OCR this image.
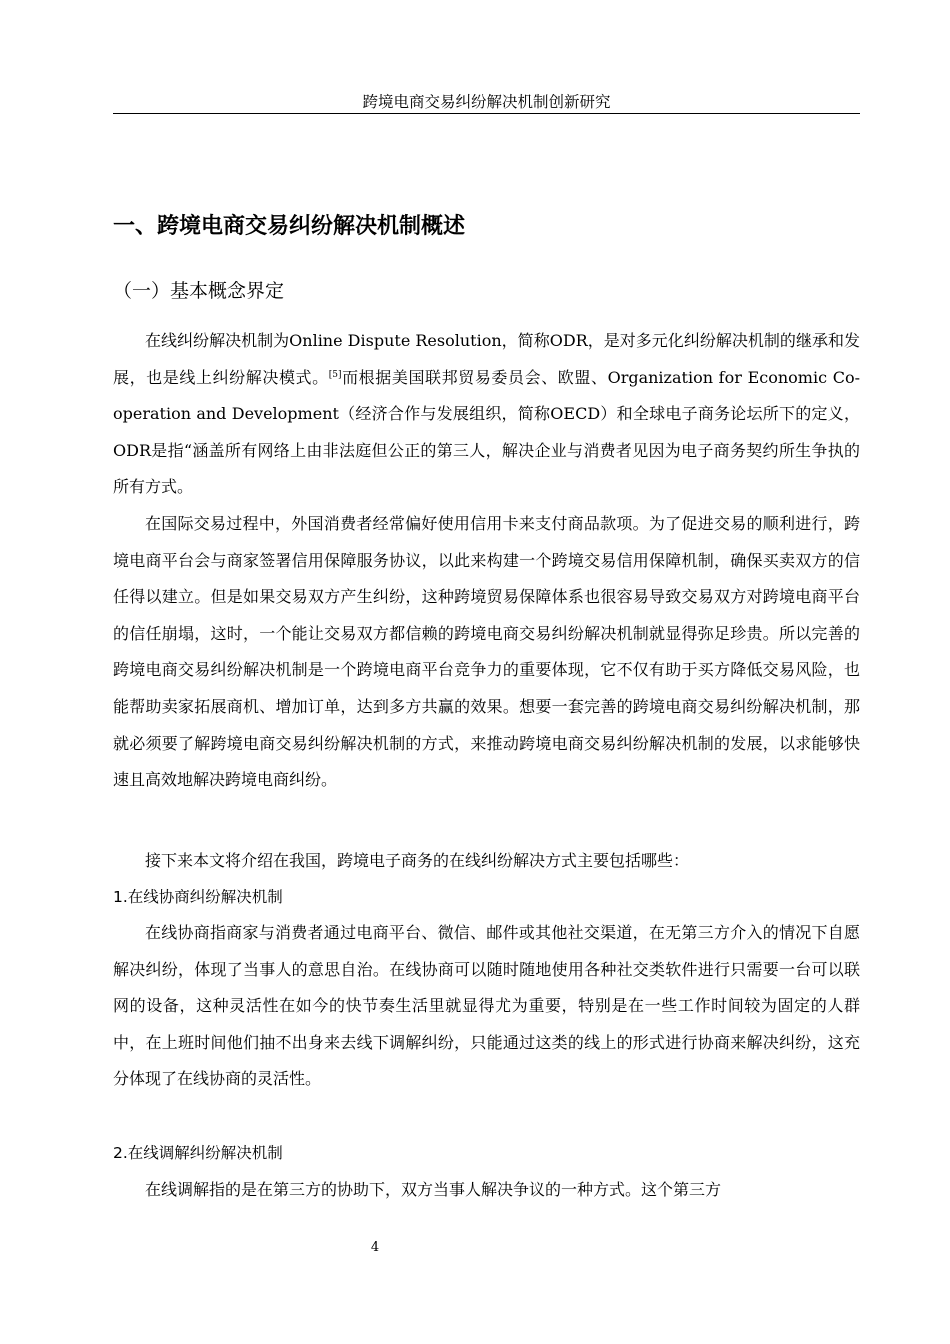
跨境电商交易纠纷解决机制创新研究
一、跨境电商交易纠纷解决机制概述
（一）基本概念界定

在线纠纷解决机制为Online Dispute Resolution，简称ODR，是对多元化纠纷解决机制的继承和发展，也是线上纠纷解决模式。[5]而根据美国联邦贸易委员会、欧盟、Organization for Economic Co-operation and Development（经济合作与发展组织，简称OECD）和全球电子商务论坛所下的定义，ODR是指“涵盖所有网络上由非法庭但公正的第三人，解决企业与消费者见因为电子商务契约所生争执的所有方式。

在国际交易过程中，外国消费者经常偏好使用信用卡来支付商品款项。为了促进交易的顺利进行，跨境电商平台会与商家签署信用保障服务协议，以此来构建一个跨境交易信用保障机制，确保买卖双方的信任得以建立。但是如果交易双方产生纠纷，这种跨境贸易保障体系也很容易导致交易双方对跨境电商平台的信任崩塌，这时，一个能让交易双方都信赖的跨境电商交易纠纷解决机制就显得弥足珍贵。所以完善的跨境电商交易纠纷解决机制是一个跨境电商平台竞争力的重要体现，它不仅有助于买方降低交易风险，也能帮助卖家拓展商机、增加订单，达到多方共赢的效果。想要一套完善的跨境电商交易纠纷解决机制，那就必须要了解跨境电商交易纠纷解决机制的方式，来推动跨境电商交易纠纷解决机制的发展，以求能够快速且高效地解决跨境电商纠纷。

接下来本文将介绍在我国，跨境电子商务的在线纠纷解决方式主要包括哪些：

1.在线协商纠纷解决机制

在线协商指商家与消费者通过电商平台、微信、邮件或其他社交渠道，在无第三方介入的情况下自愿解决纠纷，体现了当事人的意思自治。在线协商可以随时随地使用各种社交类软件进行只需要一台可以联网的设备，这种灵活性在如今的快节奏生活里就显得尤为重要，特别是在一些工作时间较为固定的人群中，在上班时间他们抽不出身来去线下调解纠纷，只能通过这类的线上的形式进行协商来解决纠纷，这充分体现了在线协商的灵活性。

2.在线调解纠纷解决机制

在线调解指的是在第三方的协助下，双方当事人解决争议的一种方式。这个第三方

4
